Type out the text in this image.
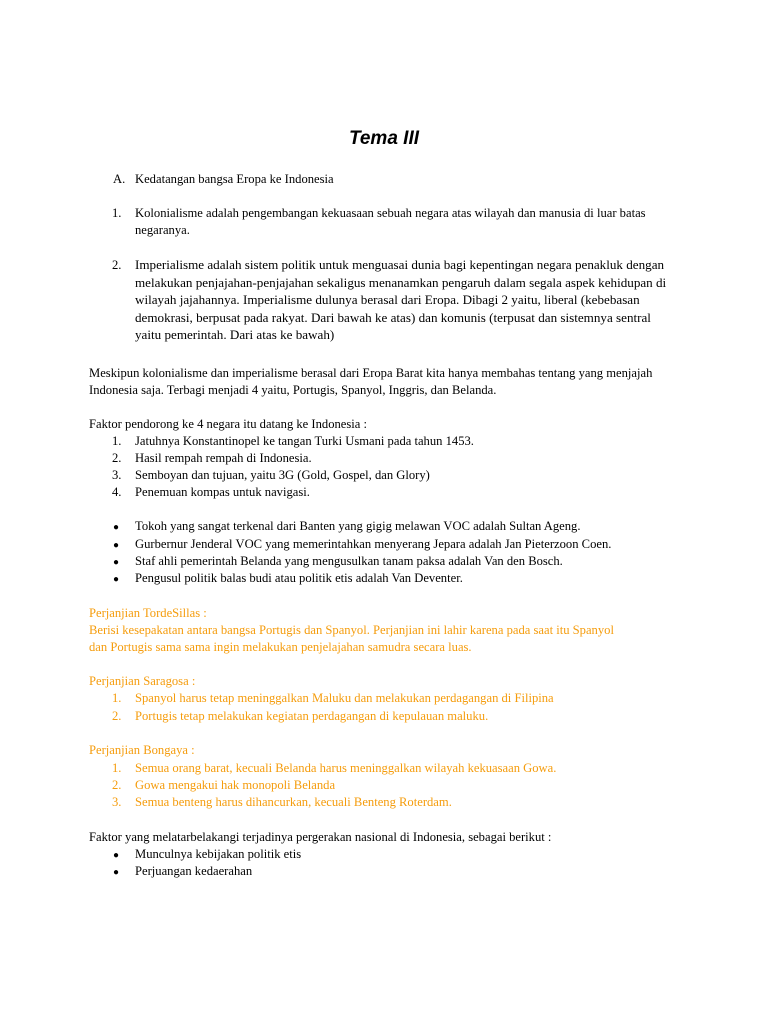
Tema III
A. Kedatangan bangsa Eropa ke Indonesia
1. Kolonialisme adalah pengembangan kekuasaan sebuah negara atas wilayah dan manusia di luar batas negaranya.
2. Imperialisme adalah sistem politik untuk menguasai dunia bagi kepentingan negara penakluk dengan melakukan penjajahan-penjajahan sekaligus menanamkan pengaruh dalam segala aspek kehidupan di wilayah jajahannya. Imperialisme dulunya berasal dari Eropa. Dibagi 2 yaitu, liberal (kebebasan demokrasi, berpusat pada rakyat. Dari bawah ke atas) dan komunis (terpusat dan sistemnya sentral yaitu pemerintah. Dari atas ke bawah)
Meskipun kolonialisme dan imperialisme berasal dari Eropa Barat kita hanya membahas tentang yang menjajah Indonesia saja. Terbagi menjadi 4 yaitu, Portugis, Spanyol, Inggris, dan Belanda.
Faktor pendorong ke 4 negara itu datang ke Indonesia :
1. Jatuhnya Konstantinopel ke tangan Turki Usmani pada tahun 1453.
2. Hasil rempah rempah di Indonesia.
3. Semboyan dan tujuan, yaitu 3G (Gold, Gospel, dan Glory)
4. Penemuan kompas untuk navigasi.
● Tokoh yang sangat terkenal dari Banten yang gigig melawan VOC adalah Sultan Ageng.
● Gurbernur Jenderal VOC yang memerintahkan menyerang Jepara adalah Jan Pieterzoon Coen.
● Staf ahli pemerintah Belanda yang mengusulkan tanam paksa adalah Van den Bosch.
● Pengusul politik balas budi atau politik etis adalah Van Deventer.
Perjanjian TordeSillas :
Berisi kesepakatan antara bangsa Portugis dan Spanyol. Perjanjian ini lahir karena pada saat itu Spanyol
dan Portugis sama sama ingin melakukan penjelajahan samudra secara luas.
Perjanjian Saragosa :
1. Spanyol harus tetap meninggalkan Maluku dan melakukan perdagangan di Filipina
2. Portugis tetap melakukan kegiatan perdagangan di kepulauan maluku.
Perjanjian Bongaya :
1. Semua orang barat, kecuali Belanda harus meninggalkan wilayah kekuasaan Gowa.
2. Gowa mengakui hak monopoli Belanda
3. Semua benteng harus dihancurkan, kecuali Benteng Roterdam.
Faktor yang melatarbelakangi terjadinya pergerakan nasional di Indonesia, sebagai berikut :
● Munculnya kebijakan politik etis
● Perjuangan kedaerahan
